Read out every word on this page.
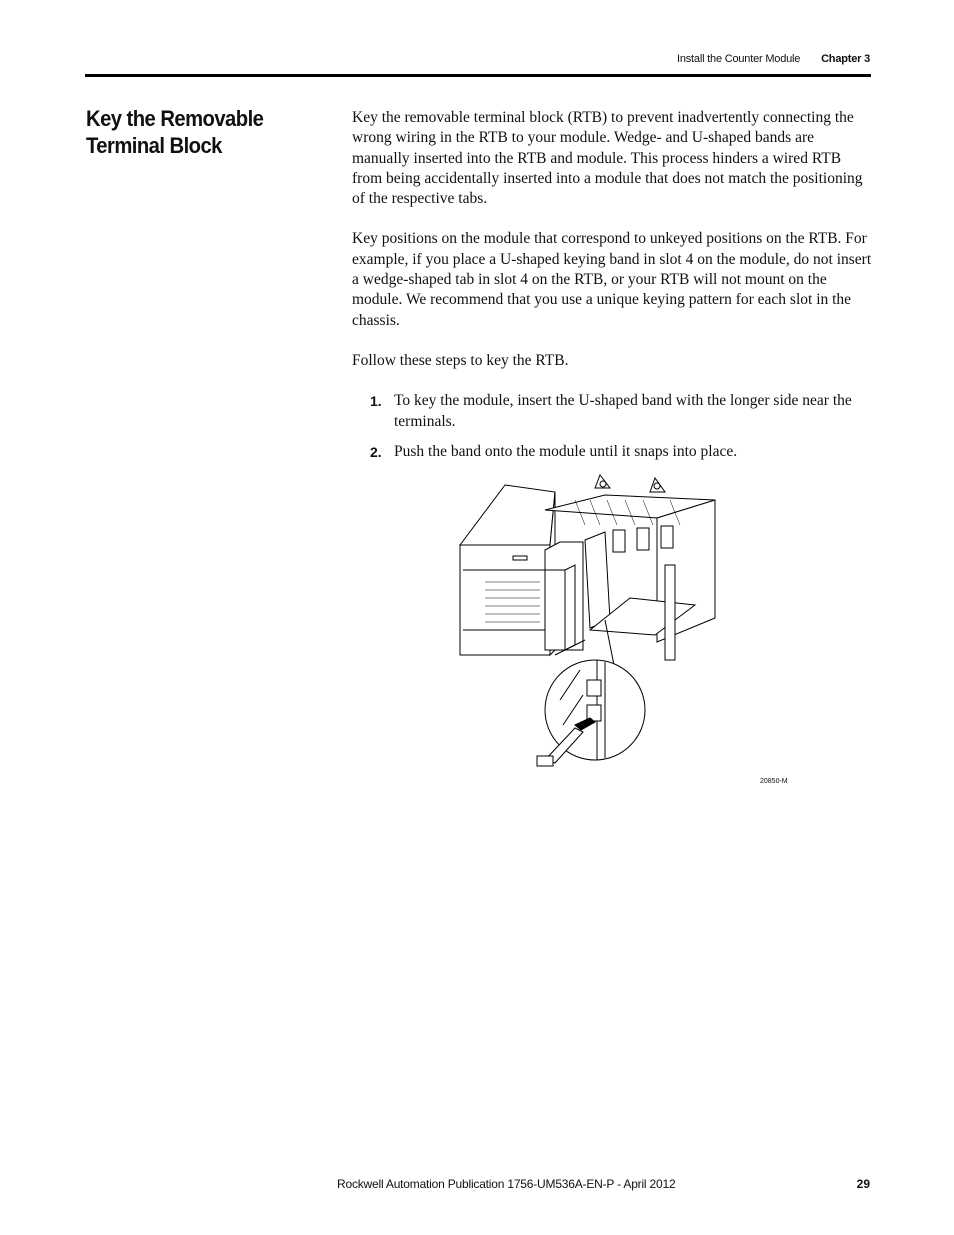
Install the Counter Module Chapter 3
Key the Removable Terminal Block

Key the removable terminal block (RTB) to prevent inadvertently connecting the wrong wiring in the RTB to your module. Wedge- and U-shaped bands are manually inserted into the RTB and module. This process hinders a wired RTB from being accidentally inserted into a module that does not match the positioning of the respective tabs.

Key positions on the module that correspond to unkeyed positions on the RTB. For example, if you place a U-shaped keying band in slot 4 on the module, do not insert a wedge-shaped tab in slot 4 on the RTB, or your RTB will not mount on the module. We recommend that you use a unique keying pattern for each slot in the chassis.

Follow these steps to key the RTB.

1. To key the module, insert the U-shaped band with the longer side near the terminals.
2. Push the band onto the module until it snaps into place.
20850-M
Rockwell Automation Publication 1756-UM536A-EN-P - April 2012	29
